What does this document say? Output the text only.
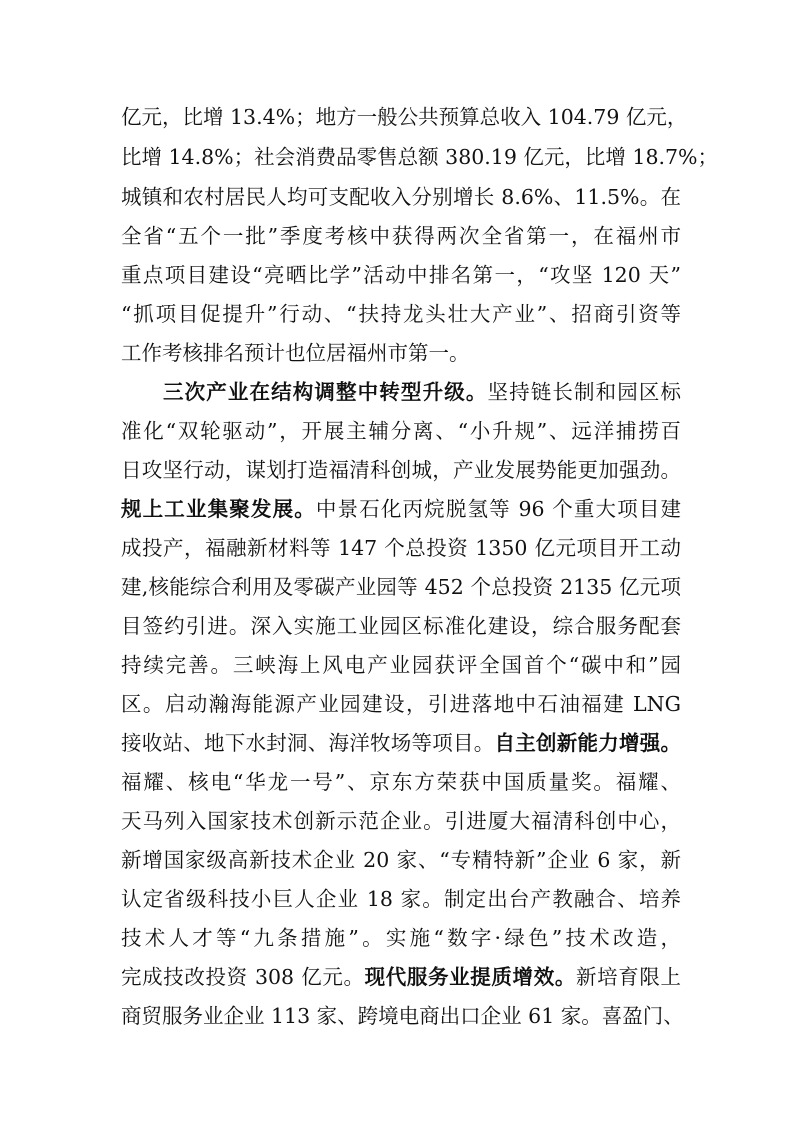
亿元，比增 13.4%；地方一般公共预算总收入 104.79 亿元，
比增 14.8%；社会消费品零售总额 380.19 亿元，比增 18.7%；
城镇和农村居民人均可支配收入分别增长 8.6%、11.5%。在
全省“五个一批”季度考核中获得两次全省第一，在福州市
重点项目建设“亮晒比学”活动中排名第一，“攻坚 120 天”
“抓项目促提升”行动、“扶持龙头壮大产业”、招商引资等
工作考核排名预计也位居福州市第一。
三次产业在结构调整中转型升级。坚持链长制和园区标
准化“双轮驱动”，开展主辅分离、“小升规”、远洋捕捞百
日攻坚行动，谋划打造福清科创城，产业发展势能更加强劲。
规上工业集聚发展。中景石化丙烷脱氢等 96 个重大项目建
成投产，福融新材料等 147 个总投资 1350 亿元项目开工动
建,核能综合利用及零碳产业园等 452 个总投资 2135 亿元项
目签约引进。深入实施工业园区标准化建设，综合服务配套
持续完善。三峡海上风电产业园获评全国首个“碳中和”园
区。启动瀚海能源产业园建设，引进落地中石油福建 LNG
接收站、地下水封洞、海洋牧场等项目。自主创新能力增强。
福耀、核电“华龙一号”、京东方荣获中国质量奖。福耀、
天马列入国家技术创新示范企业。引进厦大福清科创中心，
新增国家级高新技术企业 20 家、“专精特新”企业 6 家，新
认定省级科技小巨人企业 18 家。制定出台产教融合、培养
技术人才等“九条措施”。实施“数字·绿色”技术改造，
完成技改投资 308 亿元。现代服务业提质增效。新培育限上
商贸服务业企业 113 家、跨境电商出口企业 61 家。喜盈门、
